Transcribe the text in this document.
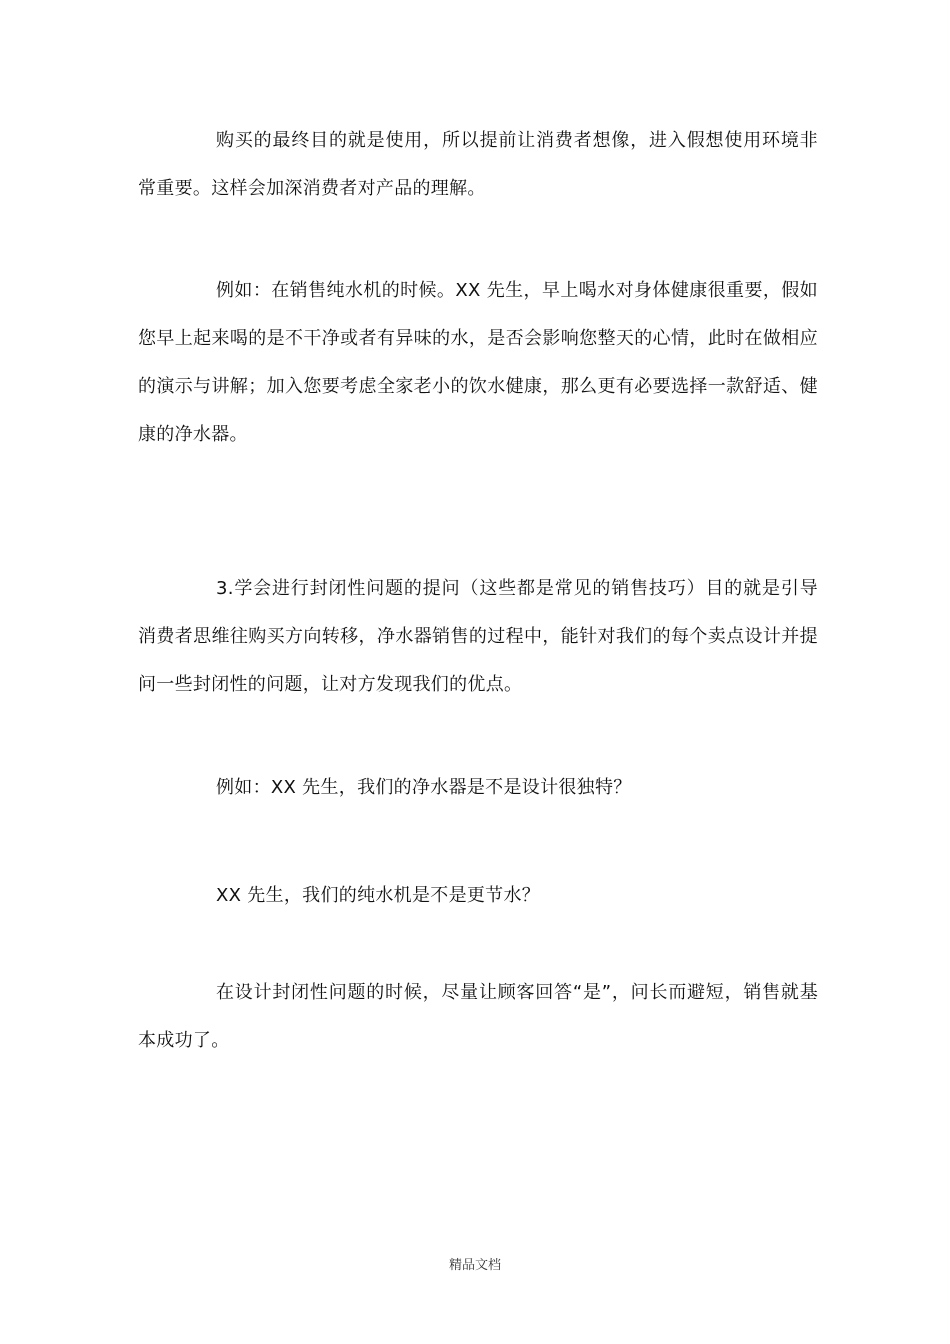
购买的最终目的就是使用，所以提前让消费者想像，进入假想使用环境非常重要。这样会加深消费者对产品的理解。

例如：在销售纯水机的时候。XX 先生，早上喝水对身体健康很重要，假如您早上起来喝的是不干净或者有异味的水，是否会影响您整天的心情，此时在做相应的演示与讲解；加入您要考虑全家老小的饮水健康，那么更有必要选择一款舒适、健康的净水器。

3.学会进行封闭性问题的提问（这些都是常见的销售技巧）目的就是引导消费者思维往购买方向转移，净水器销售的过程中，能针对我们的每个卖点设计并提问一些封闭性的问题，让对方发现我们的优点。

例如：XX 先生，我们的净水器是不是设计很独特？

XX 先生，我们的纯水机是不是更节水？

在设计封闭性问题的时候，尽量让顾客回答“是”，问长而避短，销售就基本成功了。

精品文档
